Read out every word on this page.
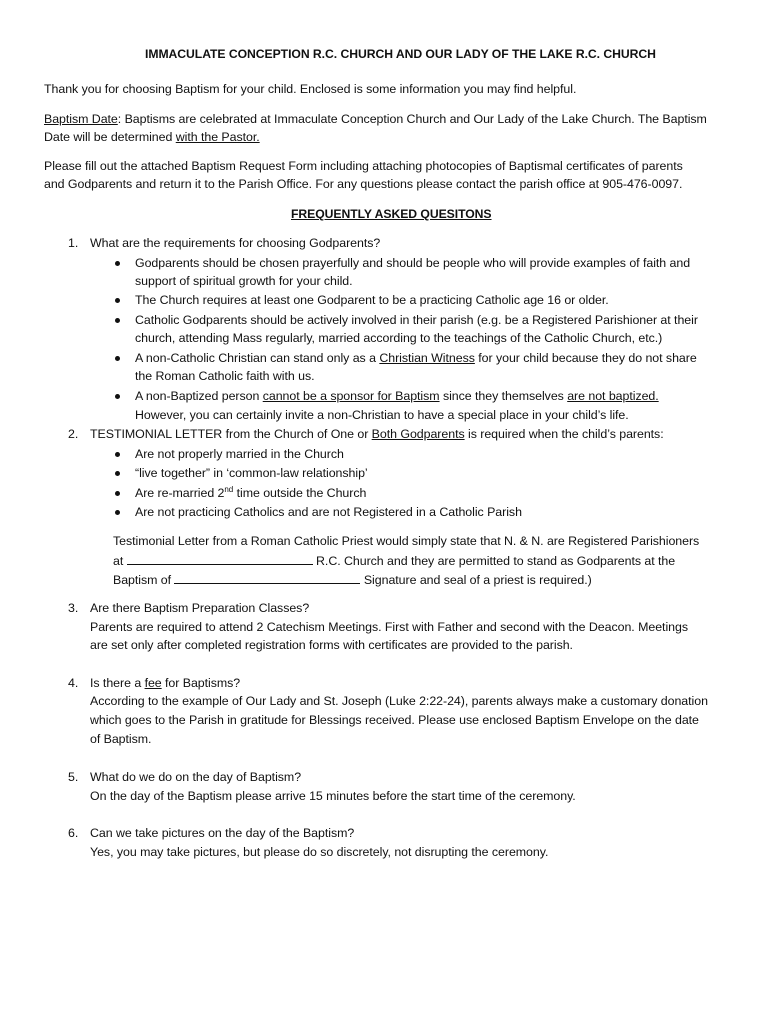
IMMACULATE CONCEPTION R.C. CHURCH AND OUR LADY OF THE LAKE R.C. CHURCH
Thank you for choosing Baptism for your child. Enclosed is some information you may find helpful.
Baptism Date: Baptisms are celebrated at Immaculate Conception Church and Our Lady of the Lake Church. The Baptism
Date will be determined with the Pastor.
Please fill out the attached Baptism Request Form including attaching photocopies of Baptismal certificates of parents
and Godparents and return it to the Parish Office. For any questions please contact the parish office at 905-476-0097.
FREQUENTLY ASKED QUESITONS
1. What are the requirements for choosing Godparents?
Godparents should be chosen prayerfully and should be people who will provide examples of faith and
support of spiritual growth for your child.
The Church requires at least one Godparent to be a practicing Catholic age 16 or older.
Catholic Godparents should be actively involved in their parish (e.g. be a Registered Parishioner at their
church, attending Mass regularly, married according to the teachings of the Catholic Church, etc.)
A non-Catholic Christian can stand only as a Christian Witness for your child because they do not share
the Roman Catholic faith with us.
A non-Baptized person cannot be a sponsor for Baptism since they themselves are not baptized.
However, you can certainly invite a non-Christian to have a special place in your child’s life.
2. TESTIMONIAL LETTER from the Church of One or Both Godparents is required when the child’s parents:
Are not properly married in the Church
“live together” in ‘common-law relationship’
Are re-married 2nd time outside the Church
Are not practicing Catholics and are not Registered in a Catholic Parish
Testimonial Letter from a Roman Catholic Priest would simply state that N. & N. are Registered Parishioners
at	R.C. Church and they are permitted to stand as Godparents at the
Baptism of	Signature and seal of a priest is required.)
3. Are there Baptism Preparation Classes?
Parents are required to attend 2 Catechism Meetings. First with Father and second with the Deacon. Meetings
are set only after completed registration forms with certificates are provided to the parish.
4. Is there a fee for Baptisms?
According to the example of Our Lady and St. Joseph (Luke 2:22-24), parents always make a customary donation
which goes to the Parish in gratitude for Blessings received. Please use enclosed Baptism Envelope on the date
of Baptism.
5. What do we do on the day of Baptism?
On the day of the Baptism please arrive 15 minutes before the start time of the ceremony.
6. Can we take pictures on the day of the Baptism?
Yes, you may take pictures, but please do so discretely, not disrupting the ceremony.
